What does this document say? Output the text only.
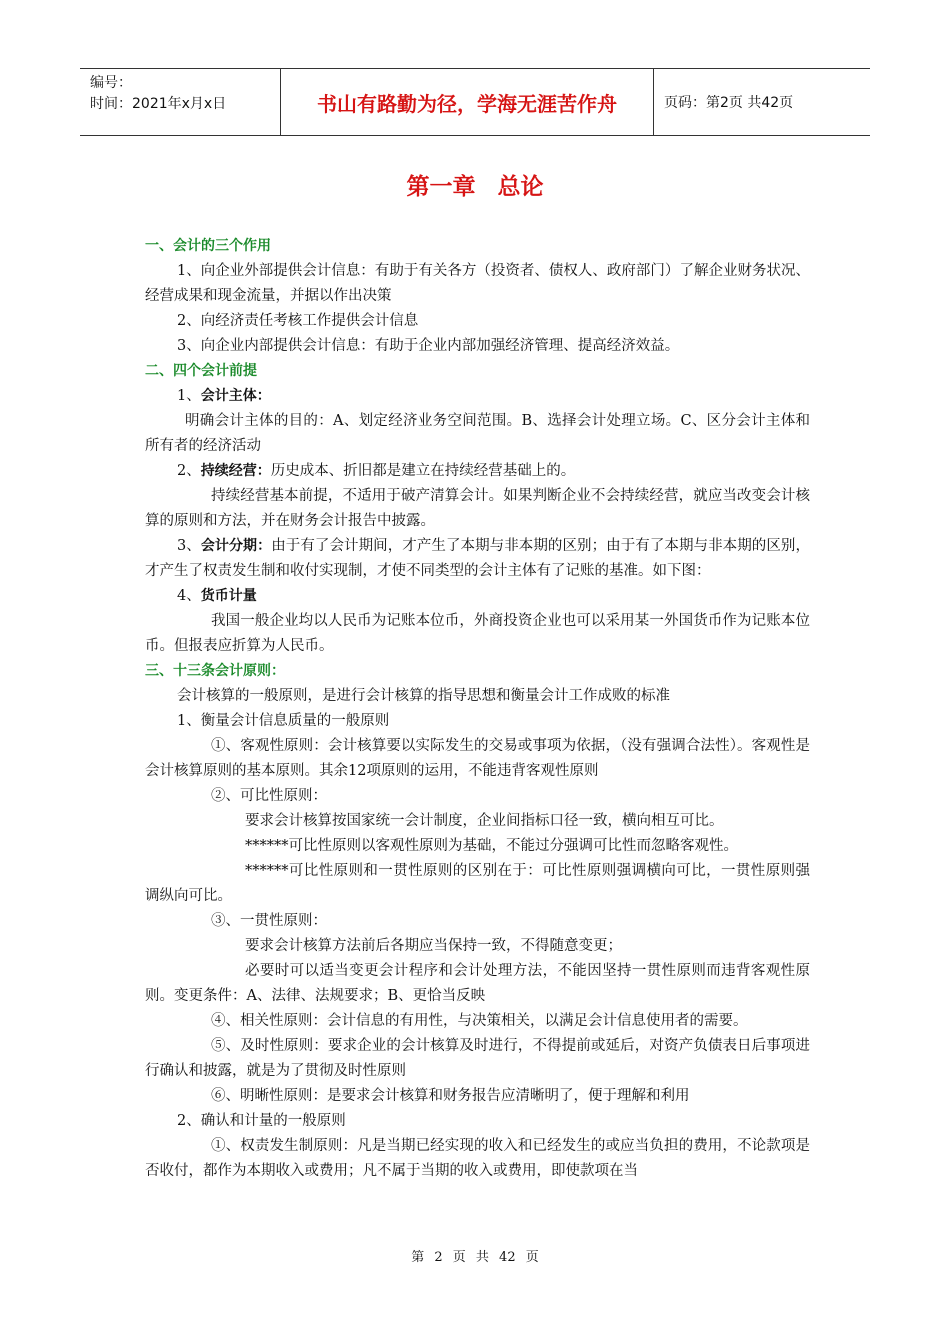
编号：
时间：2021年x月x日	书山有路勤为径，学海无涯苦作舟	页码：第2页 共42页
第一章 总论

一、会计的三个作用

1、向企业外部提供会计信息：有助于有关各方（投资者、债权人、政府部门）了解企业财务状况、经营成果和现金流量，并据以作出决策

2、向经济责任考核工作提供会计信息

3、向企业内部提供会计信息：有助于企业内部加强经济管理、提高经济效益。

二、四个会计前提

1、会计主体：

明确会计主体的目的：A、划定经济业务空间范围。B、选择会计处理立场。C、区分会计主体和所有者的经济活动

2、持续经营：历史成本、折旧都是建立在持续经营基础上的。

持续经营基本前提，不适用于破产清算会计。如果判断企业不会持续经营，就应当改变会计核算的原则和方法，并在财务会计报告中披露。

3、会计分期：由于有了会计期间，才产生了本期与非本期的区别；由于有了本期与非本期的区别，才产生了权责发生制和收付实现制，才使不同类型的会计主体有了记账的基准。如下图：

4、货币计量

我国一般企业均以人民币为记账本位币，外商投资企业也可以采用某一外国货币作为记账本位币。但报表应折算为人民币。

三、十三条会计原则：

会计核算的一般原则，是进行会计核算的指导思想和衡量会计工作成败的标准

1、衡量会计信息质量的一般原则

①、客观性原则：会计核算要以实际发生的交易或事项为依据，（没有强调合法性）。客观性是会计核算原则的基本原则。其余12项原则的运用，不能违背客观性原则

②、可比性原则：

要求会计核算按国家统一会计制度，企业间指标口径一致，横向相互可比。

******可比性原则以客观性原则为基础，不能过分强调可比性而忽略客观性。

******可比性原则和一贯性原则的区别在于：可比性原则强调横向可比，一贯性原则强调纵向可比。

③、一贯性原则：

要求会计核算方法前后各期应当保持一致，不得随意变更；

必要时可以适当变更会计程序和会计处理方法，不能因坚持一贯性原则而违背客观性原则。变更条件：A、法律、法规要求；B、更恰当反映

④、相关性原则：会计信息的有用性，与决策相关，以满足会计信息使用者的需要。

⑤、及时性原则：要求企业的会计核算及时进行，不得提前或延后，对资产负债表日后事项进行确认和披露，就是为了贯彻及时性原则

⑥、明晰性原则：是要求会计核算和财务报告应清晰明了，便于理解和利用

2、确认和计量的一般原则

①、权责发生制原则：凡是当期已经实现的收入和已经发生的或应当负担的费用，不论款项是否收付，都作为本期收入或费用；凡不属于当期的收入或费用，即使款项在当

第 2 页 共 42 页
